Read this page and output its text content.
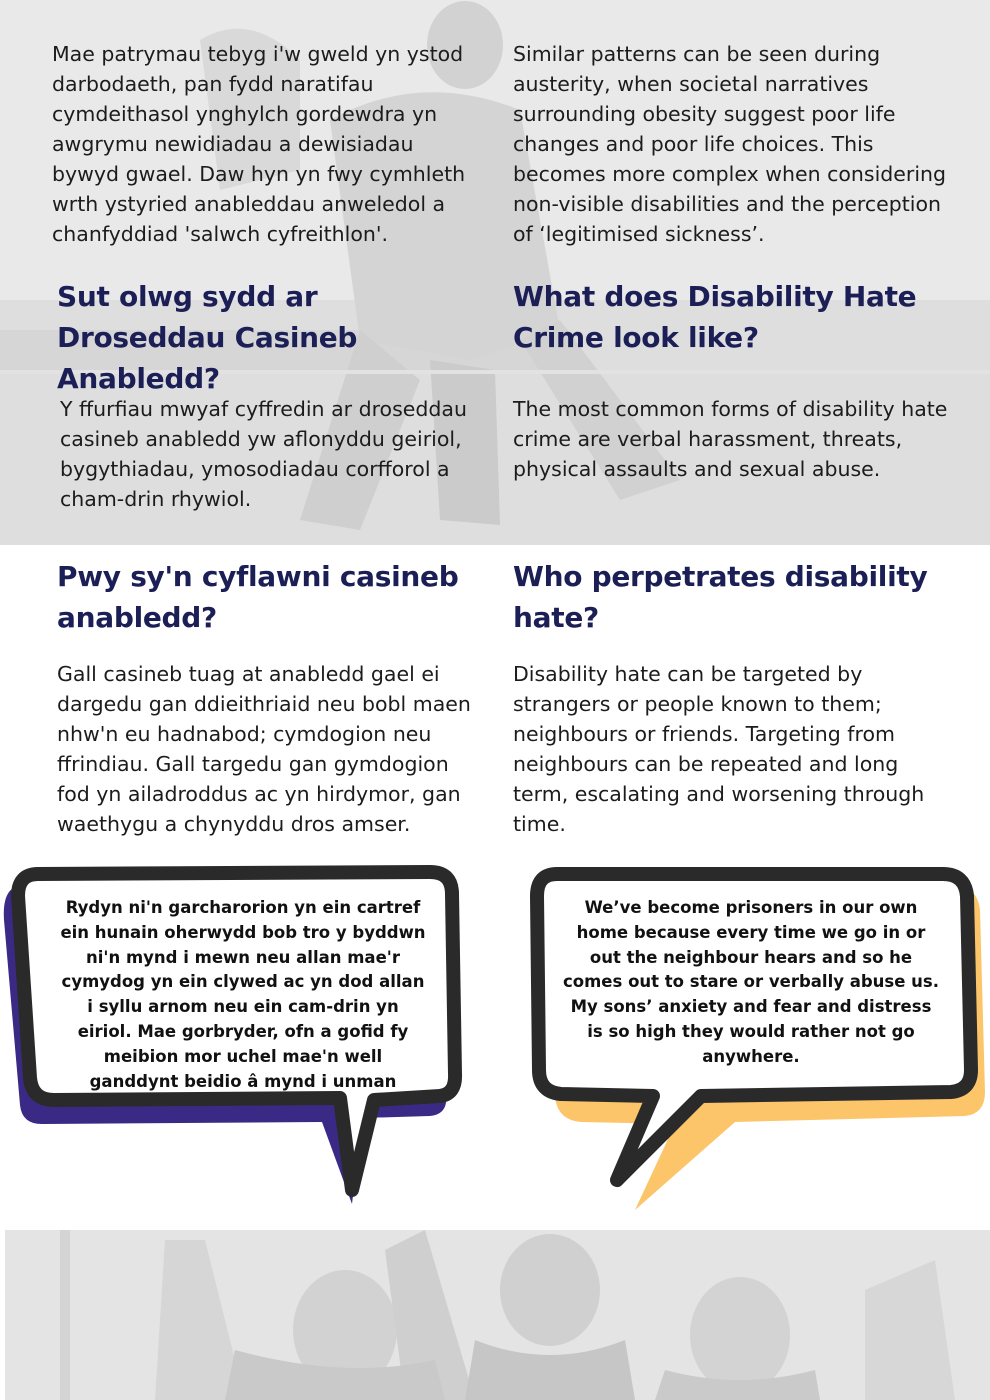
Mae patrymau tebyg i'w gweld yn ystod darbodaeth, pan fydd naratifau cymdeithasol ynghylch gordewdra yn awgrymu newidiadau a dewisiadau bywyd gwael. Daw hyn yn fwy cymhleth wrth ystyried anableddau anweledol a chanfyddiad 'salwch cyfreithlon'.

Similar patterns can be seen during austerity, when societal narratives surrounding obesity suggest poor life changes and poor life choices. This becomes more complex when considering non-visible disabilities and the perception of ‘legitimised sickness’.

Sut olwg sydd ar Droseddau Casineb Anabledd?
What does Disability Hate Crime look like?

Y ffurfiau mwyaf cyffredin ar droseddau casineb anabledd yw aflonyddu geiriol, bygythiadau, ymosodiadau corfforol a cham-drin rhywiol.

The most common forms of disability hate crime are verbal harassment, threats, physical assaults and sexual abuse.

Pwy sy'n cyflawni casineb anabledd?
Who perpetrates disability hate?

Gall casineb tuag at anabledd gael ei dargedu gan ddieithriaid neu bobl maen nhw'n eu hadnabod; cymdogion neu ffrindiau. Gall targedu gan gymdogion fod yn ailadroddus ac yn hirdymor, gan waethygu a chynyddu dros amser.

Disability hate can be targeted by strangers or people known to them; neighbours or friends. Targeting from neighbours can be repeated and long term, escalating and worsening through time.

Rydyn ni'n garcharorion yn ein cartref ein hunain oherwydd bob tro y byddwn ni'n mynd i mewn neu allan mae'r cymydog yn ein clywed ac yn dod allan i syllu arnom neu ein cam-drin yn eiriol. Mae gorbryder, ofn a gofid fy meibion mor uchel mae'n well ganddynt beidio â mynd i unman

We’ve become prisoners in our own home because every time we go in or out the neighbour hears and so he comes out to stare or verbally abuse us. My sons’ anxiety and fear and distress is so high they would rather not go anywhere.
